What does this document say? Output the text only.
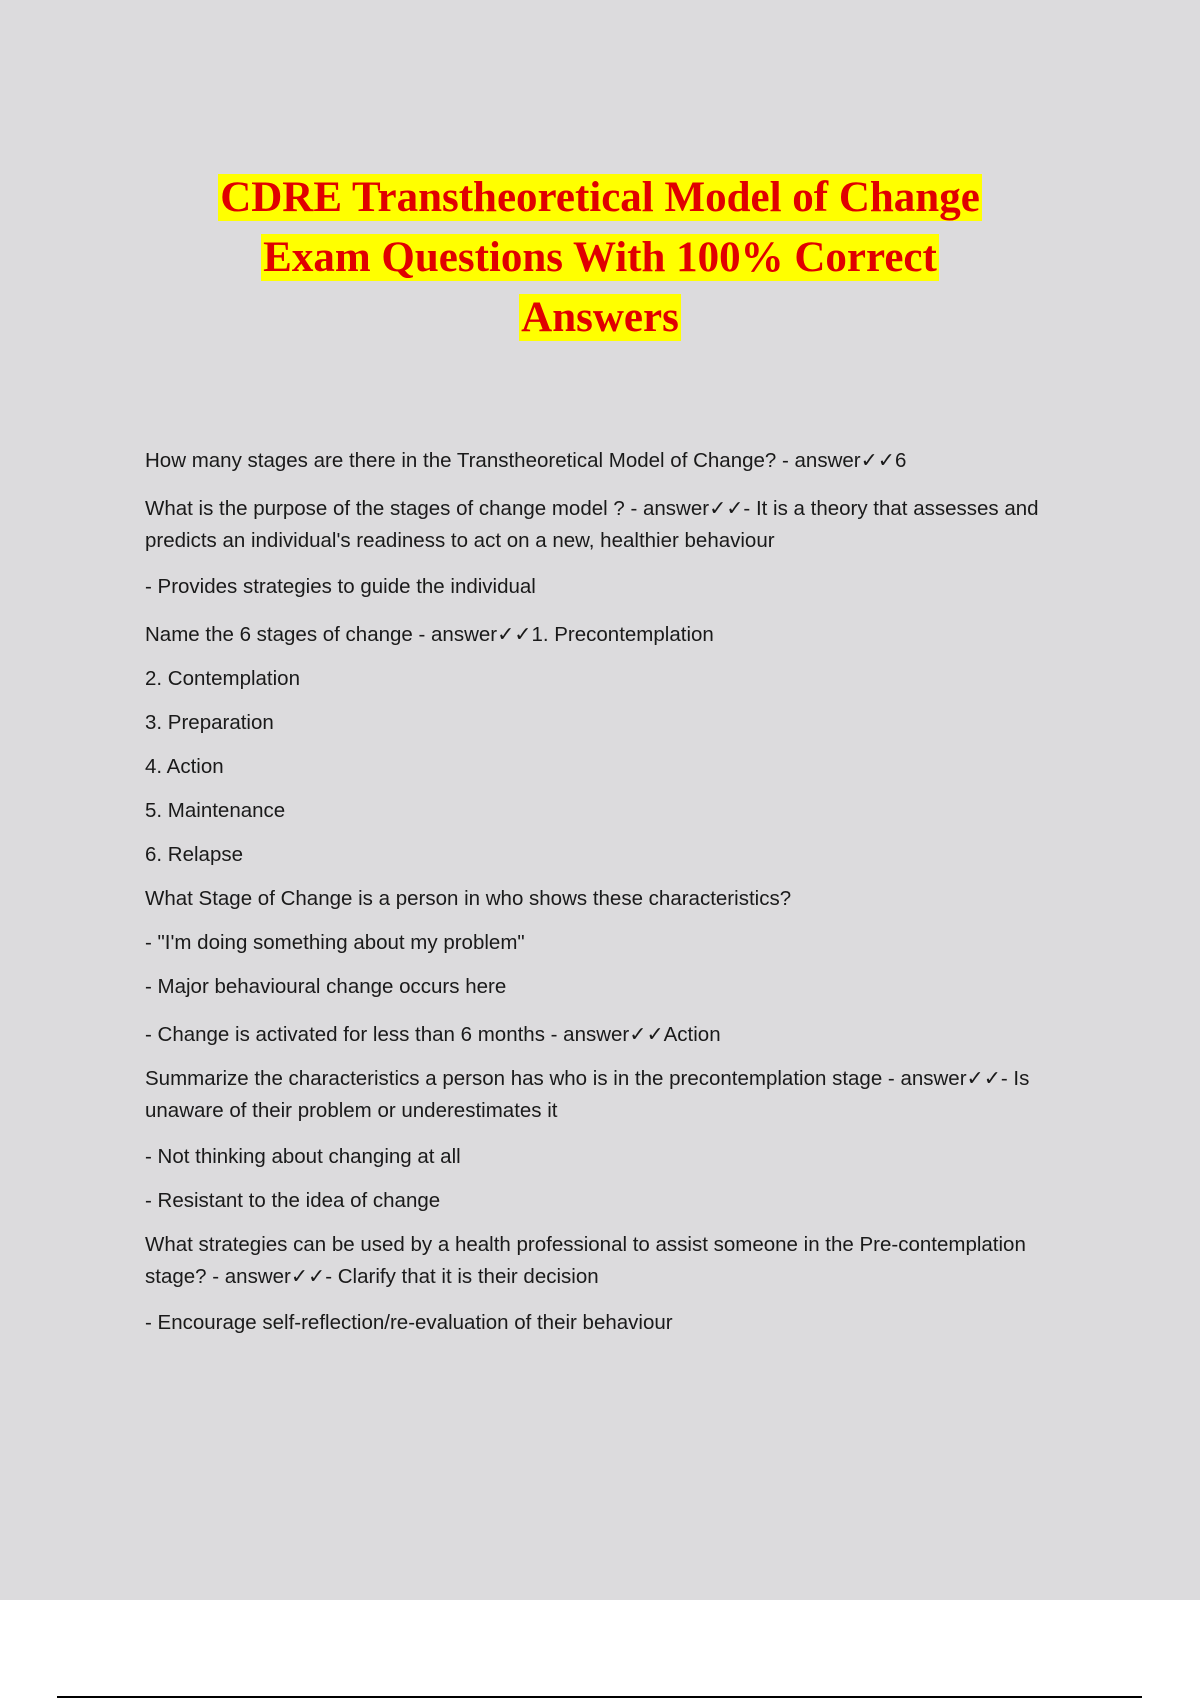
CDRE Transtheoretical Model of Change
Exam Questions With 100% Correct
Answers

How many stages are there in the Transtheoretical Model of Change? - answer✓✓6

What is the purpose of the stages of change model ? - answer✓✓- It is a theory that assesses and predicts an individual's readiness to act on a new, healthier behaviour

- Provides strategies to guide the individual

Name the 6 stages of change - answer✓✓1. Precontemplation

2. Contemplation

3. Preparation

4. Action

5. Maintenance

6. Relapse

What Stage of Change is a person in who shows these characteristics?

- "I'm doing something about my problem"

- Major behavioural change occurs here

- Change is activated for less than 6 months - answer✓✓Action

Summarize the characteristics a person has who is in the precontemplation stage - answer✓✓- Is unaware of their problem or underestimates it

- Not thinking about changing at all

- Resistant to the idea of change

What strategies can be used by a health professional to assist someone in the Pre-contemplation stage? - answer✓✓- Clarify that it is their decision

- Encourage self-reflection/re-evaluation of their behaviour
